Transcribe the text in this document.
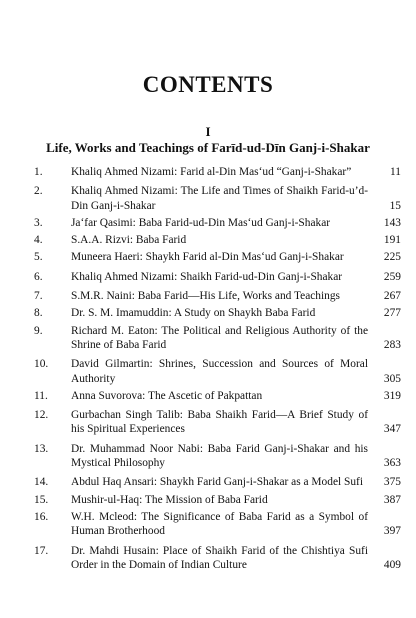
CONTENTS
I
Life, Works and Teachings of Farīd-ud-Dīn Ganj-i-Shakar
1. Khaliq Ahmed Nizami: Farid al-Din Mas‘ud “Ganj-i-Shakar”	11
2. Khaliq Ahmed Nizami: The Life and Times of Shaikh Farid-u’d-Din Ganj-i-Shakar	15
3. Ja‘far Qasimi: Baba Farid-ud-Din Mas‘ud Ganj-i-Shakar	143
4. S.A.A. Rizvi: Baba Farid	191
5. Muneera Haeri: Shaykh Farid al-Din Mas‘ud Ganj-i-Shakar	225
6. Khaliq Ahmed Nizami: Shaikh Farid-ud-Din Ganj-i-Shakar	259
7. S.M.R. Naini: Baba Farid—His Life, Works and Teachings	267
8. Dr. S. M. Imamuddin: A Study on Shaykh Baba Farid	277
9. Richard M. Eaton: The Political and Religious Authority of the Shrine of Baba Farid	283
10. David Gilmartin: Shrines, Succession and Sources of Moral Authority	305
11. Anna Suvorova: The Ascetic of Pakpattan	319
12. Gurbachan Singh Talib: Baba Shaikh Farid—A Brief Study of his Spiritual Experiences	347
13. Dr. Muhammad Noor Nabi: Baba Farid Ganj-i-Shakar and his Mystical Philosophy	363
14. Abdul Haq Ansari: Shaykh Farid Ganj-i-Shakar as a Model Sufi	375
15. Mushir-ul-Haq: The Mission of Baba Farid	387
16. W.H. Mcleod: The Significance of Baba Farid as a Symbol of Human Brotherhood	397
17. Dr. Mahdi Husain: Place of Shaikh Farid of the Chishtiya Sufi Order in the Domain of Indian Culture	409
